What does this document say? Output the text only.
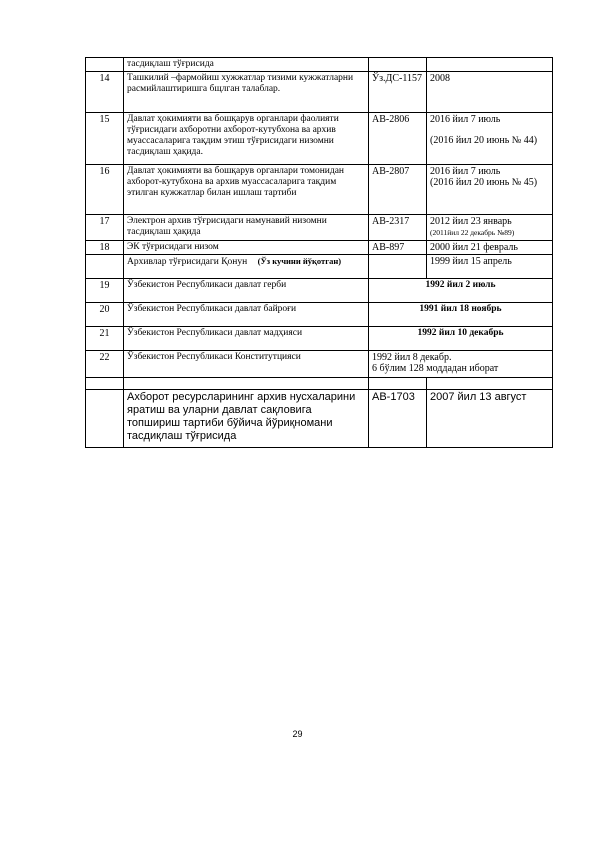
	тасдиқлаш тўғрисида		
14	Ташкилий –фармойиш хужжатлар тизими кужжатларни расмийлаштиришга бщлган талаблар.	Ўз.ДС-1157	2008
15	Давлат ҳокимияти ва бошқарув органлари фаолияти тўғрисидаги ахборотни ахборот-кутубхона ва архив муассасаларига тақдим этиш тўғрисидаги низомни тасдиқлаш ҳақида.	АВ-2806	2016 йил 7 июль
(2016 йил 20 июнь № 44)
16	Давлат ҳокимияти ва бошқарув органлари томонидан ахборот-кутубхона ва архив муассасаларига тақдим этилган кужжатлар билан ишлаш тартиби	АВ-2807	2016 йил 7 июль
(2016 йил 20 июнь № 45)
17	Электрон архив тўғрисидаги намунавий низомни тасдиқлаш ҳақида	АВ-2317	2012 йил 23 январь
(2011йил 22 декабрь №89)
18	ЭК тўғрисидаги низом	АВ-897	2000 йил 21 февраль
	Архивлар тўғрисидаги Қонун (Ўз кучини йўқотган)		1999 йил 15 апрель
19	Ўзбекистон Республикаси давлат герби	1992 йил 2 июль	
20	Ўзбекистон Республикаси давлат байроғи	1991 йил 18 ноябрь	
21	Ўзбекистон Республикаси давлат мадҳияси	1992 йил 10 декабрь	
22	Ўзбекистон Республикаси Конститутцияси	1992 йил 8 декабр.
6 бўлим 128 моддадан иборат	

	Ахборот ресурсларининг архив нусхаларини яратиш ва уларни давлат сақловига топшириш тартиби бўйича йўриқномани тасдиқлаш тўғрисида	АВ-1703	2007 йил 13 август
29
